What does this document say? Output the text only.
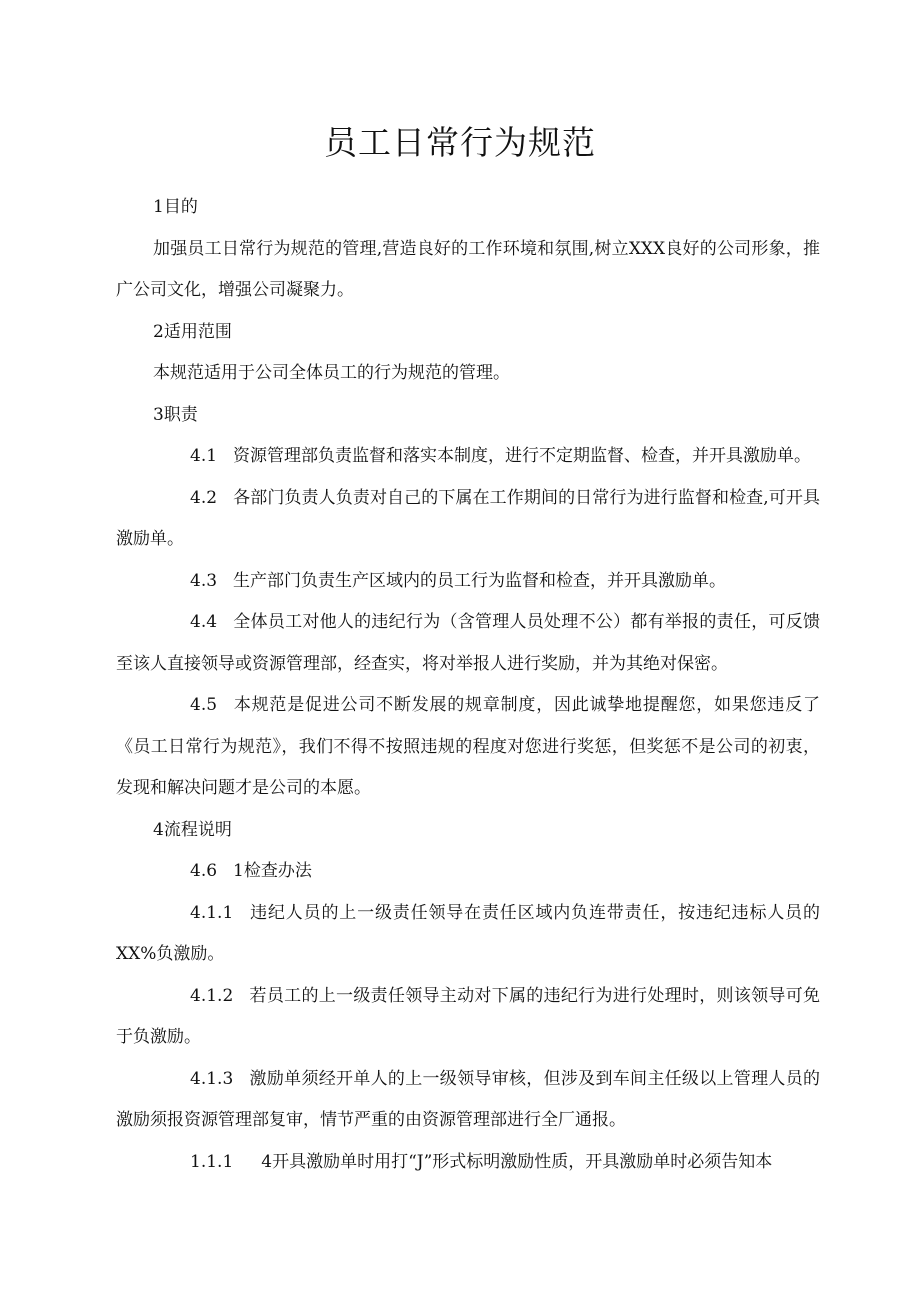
员工日常行为规范

1目的

加强员工日常行为规范的管理,营造良好的工作环境和氛围,树立XXX良好的公司形象，推广公司文化，增强公司凝聚力。

2适用范围

本规范适用于公司全体员工的行为规范的管理。

3职责

4.1 资源管理部负责监督和落实本制度，进行不定期监督、检查，并开具激励单。

4.2 各部门负责人负责对自己的下属在工作期间的日常行为进行监督和检查,可开具激励单。

4.3 生产部门负责生产区域内的员工行为监督和检查，并开具激励单。

4.4 全体员工对他人的违纪行为（含管理人员处理不公）都有举报的责任，可反馈至该人直接领导或资源管理部，经查实，将对举报人进行奖励，并为其绝对保密。

4.5 本规范是促进公司不断发展的规章制度，因此诚挚地提醒您，如果您违反了《员工日常行为规范》，我们不得不按照违规的程度对您进行奖惩，但奖惩不是公司的初衷，发现和解决问题才是公司的本愿。

4流程说明

4.6 1检查办法

4.1.1 违纪人员的上一级责任领导在责任区域内负连带责任，按违纪违标人员的XX%负激励。

4.1.2 若员工的上一级责任领导主动对下属的违纪行为进行处理时，则该领导可免于负激励。

4.1.3 激励单须经开单人的上一级领导审核，但涉及到车间主任级以上管理人员的激励须报资源管理部复审，情节严重的由资源管理部进行全厂通报。

1.1.1 4开具激励单时用打“J”形式标明激励性质，开具激励单时必须告知本
